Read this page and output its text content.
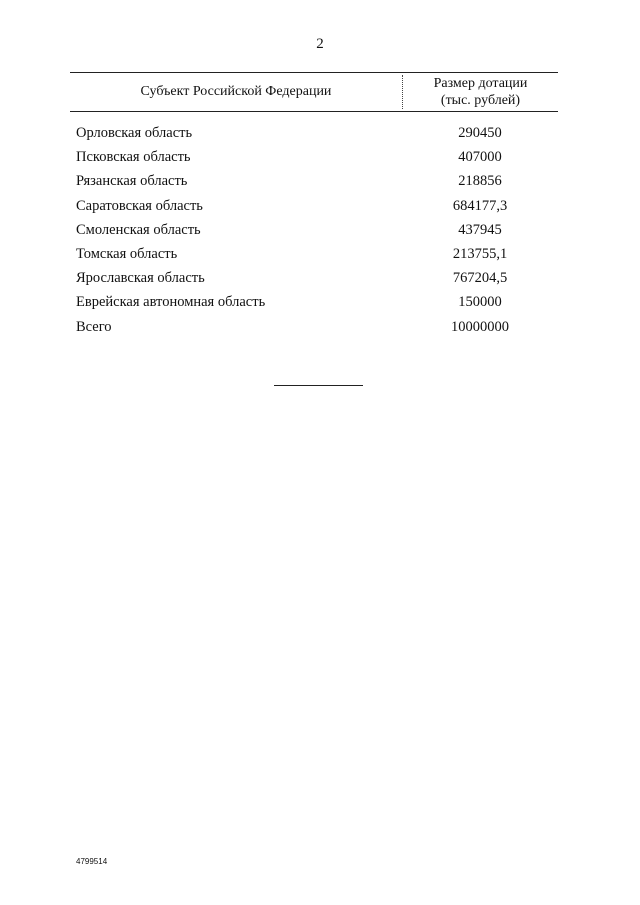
2
Субъект Российской Федерации
Размер дотации
(тыс. рублей)
Орловская область	290450
Псковская область	407000
Рязанская область	218856
Саратовская область	684177,3
Смоленская область	437945
Томская область	213755,1
Ярославская область	767204,5
Еврейская автономная область	150000
Всего	10000000
4799514
